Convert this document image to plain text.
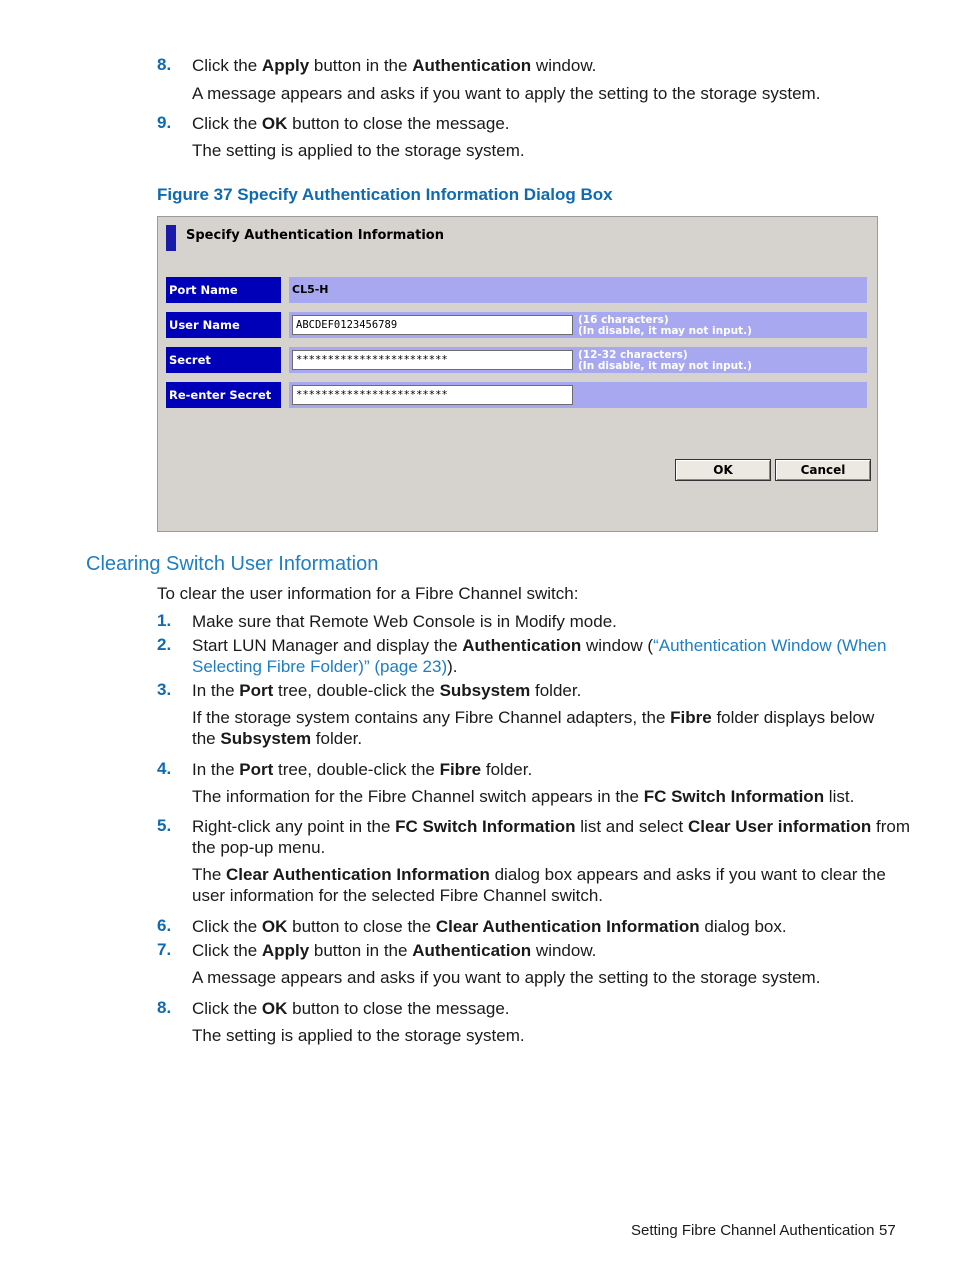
8. Click the Apply button in the Authentication window.
A message appears and asks if you want to apply the setting to the storage system.
9. Click the OK button to close the message.
The setting is applied to the storage system.
Figure 37 Specify Authentication Information Dialog Box
Specify Authentication Information
Port Name	CL5-H
User Name	ABCDEF0123456789	(16 characters)
(In disable, it may not input.)
Secret	************************	(12-32 characters)
(In disable, it may not input.)
Re-enter Secret	************************
OK	Cancel
Clearing Switch User Information
To clear the user information for a Fibre Channel switch:
1. Make sure that Remote Web Console is in Modify mode.
2. Start LUN Manager and display the Authentication window (“Authentication Window (When
Selecting Fibre Folder)” (page 23)).
3. In the Port tree, double-click the Subsystem folder.
If the storage system contains any Fibre Channel adapters, the Fibre folder displays below
the Subsystem folder.
4. In the Port tree, double-click the Fibre folder.
The information for the Fibre Channel switch appears in the FC Switch Information list.
5. Right-click any point in the FC Switch Information list and select Clear User information from
the pop-up menu.
The Clear Authentication Information dialog box appears and asks if you want to clear the
user information for the selected Fibre Channel switch.
6. Click the OK button to close the Clear Authentication Information dialog box.
7. Click the Apply button in the Authentication window.
A message appears and asks if you want to apply the setting to the storage system.
8. Click the OK button to close the message.
The setting is applied to the storage system.
Setting Fibre Channel Authentication 57
